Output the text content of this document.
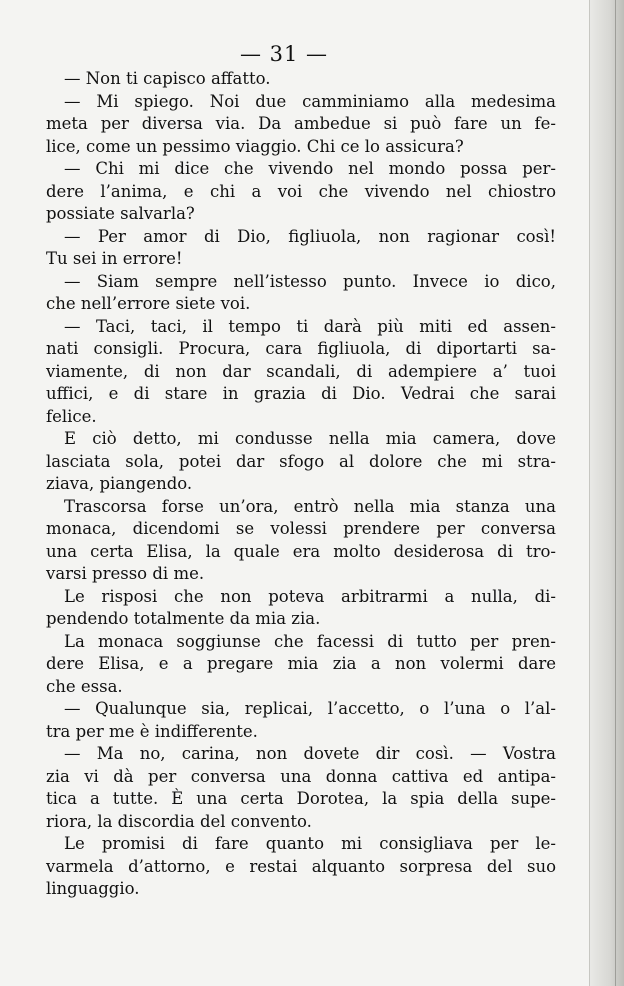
— 31 —
— Non ti capisco affatto.
— Mi spiego. Noi due camminiamo alla medesima
meta per diversa via. Da ambedue si può fare un fe-
lice, come un pessimo viaggio. Chi ce lo assicura?
— Chi mi dice che vivendo nel mondo possa per-
dere l’anima, e chi a voi che vivendo nel chiostro
possiate salvarla?
— Per amor di Dio, figliuola, non ragionar così!
Tu sei in errore!
— Siam sempre nell’istesso punto. Invece io dico,
che nell’errore siete voi.
— Taci, taci, il tempo ti darà più miti ed assen-
nati consigli. Procura, cara figliuola, di diportarti sa-
viamente, di non dar scandali, di adempiere a’ tuoi
uffici, e di stare in grazia di Dio. Vedrai che sarai
felice.
E ciò detto, mi condusse nella mia camera, dove
lasciata sola, potei dar sfogo al dolore che mi stra-
ziava, piangendo.
Trascorsa forse un’ora, entrò nella mia stanza una
monaca, dicendomi se volessi prendere per conversa
una certa Elisa, la quale era molto desiderosa di tro-
varsi presso di me.
Le risposi che non poteva arbitrarmi a nulla, di-
pendendo totalmente da mia zia.
La monaca soggiunse che facessi di tutto per pren-
dere Elisa, e a pregare mia zia a non volermi dare
che essa.
— Qualunque sia, replicai, l’accetto, o l’una o l’al-
tra per me è indifferente.
— Ma no, carina, non dovete dir così. — Vostra
zia vi dà per conversa una donna cattiva ed antipa-
tica a tutte. È una certa Dorotea, la spia della supe-
riora, la discordia del convento.
Le promisi di fare quanto mi consigliava per le-
varmela d’attorno, e restai alquanto sorpresa del suo
linguaggio.
